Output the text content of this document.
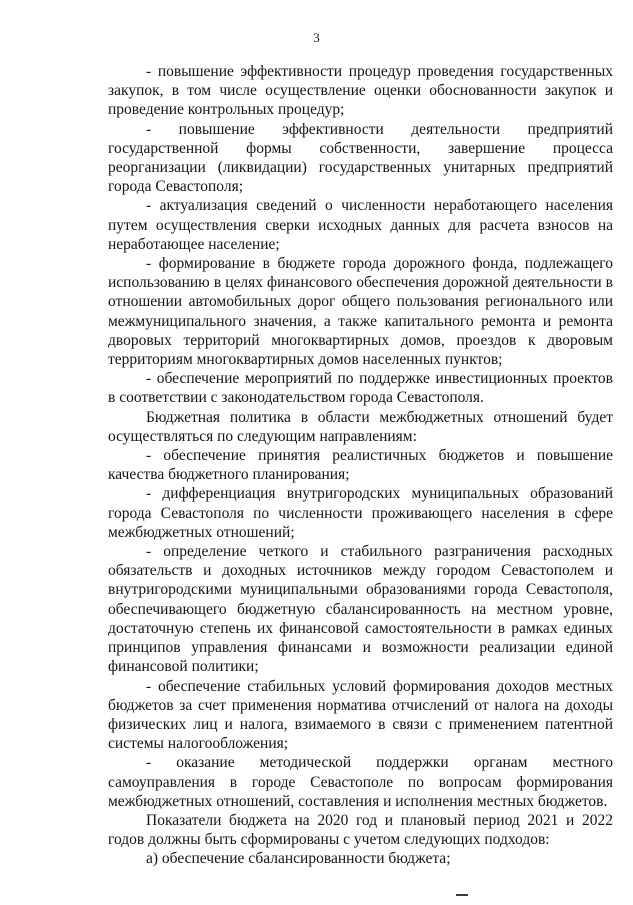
3

- повышение эффективности процедур проведения государственных закупок, в том числе осуществление оценки обоснованности закупок и проведение контрольных процедур;

- повышение эффективности деятельности предприятий государственной формы собственности, завершение процесса реорганизации (ликвидации) государственных унитарных предприятий города Севастополя;

- актуализация сведений о численности неработающего населения путем осуществления сверки исходных данных для расчета взносов на неработающее население;

- формирование в бюджете города дорожного фонда, подлежащего использованию в целях финансового обеспечения дорожной деятельности в отношении автомобильных дорог общего пользования регионального или межмуниципального значения, а также капитального ремонта и ремонта дворовых территорий многоквартирных домов, проездов к дворовым территориям многоквартирных домов населенных пунктов;

- обеспечение мероприятий по поддержке инвестиционных проектов в соответствии с законодательством города Севастополя.

Бюджетная политика в области межбюджетных отношений будет осуществляться по следующим направлениям:

- обеспечение принятия реалистичных бюджетов и повышение качества бюджетного планирования;

- дифференциация внутригородских муниципальных образований города Севастополя по численности проживающего населения в сфере межбюджетных отношений;

- определение четкого и стабильного разграничения расходных обязательств и доходных источников между городом Севастополем и внутригородскими муниципальными образованиями города Севастополя, обеспечивающего бюджетную сбалансированность на местном уровне, достаточную степень их финансовой самостоятельности в рамках единых принципов управления финансами и возможности реализации единой финансовой политики;

- обеспечение стабильных условий формирования доходов местных бюджетов за счет применения норматива отчислений от налога на доходы физических лиц и налога, взимаемого в связи с применением патентной системы налогообложения;

- оказание методической поддержки органам местного самоуправления в городе Севастополе по вопросам формирования межбюджетных отношений, составления и исполнения местных бюджетов.

Показатели бюджета на 2020 год и плановый период 2021 и 2022 годов должны быть сформированы с учетом следующих подходов:

а) обеспечение сбалансированности бюджета;
